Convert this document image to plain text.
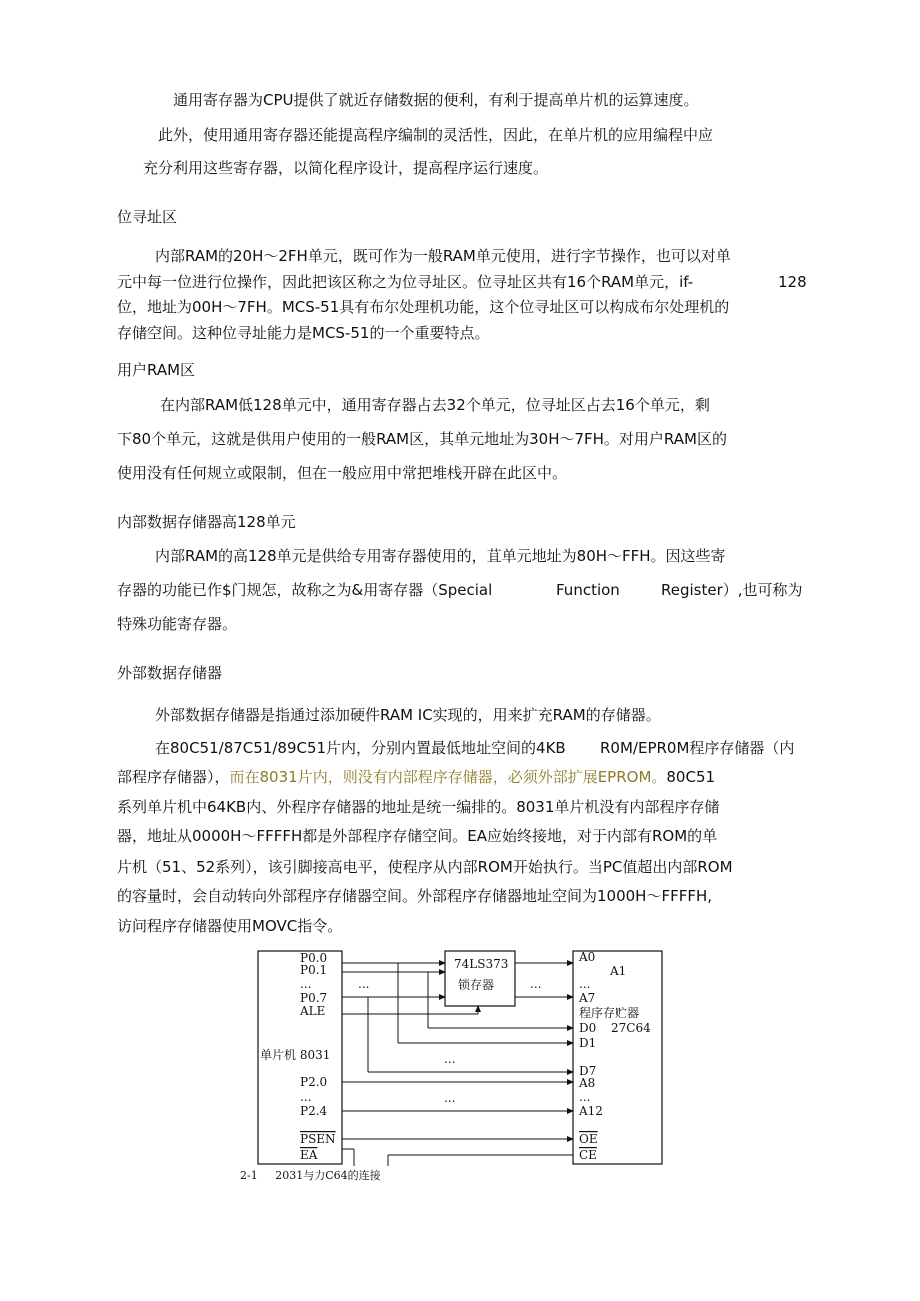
通用寄存器为CPU提供了就近存储数据的便利，有利于提高单片机的运算速度。
此外，使用通用寄存器还能提高程序编制的灵活性，因此，在单片机的应用编程中应
充分利用这些寄存器，以简化程序设计，提高程序运行速度。
位寻址区
内部RAM的20H〜2FH单元，既可作为一般RAM单元使用，进行字节操作，也可以对单
元中每一位进行位操作，因此把该区称之为位寻址区。位寻址区共有16个RAM单元，if-	128
位，地址为00H〜7FH。MCS-51具有布尔处理机功能，这个位寻址区可以构成布尔处理机的
存储空间。这种位寻址能力是MCS-51的一个重要特点。
用户RAM区
在内部RAM低128单元中，通用寄存器占去32个单元，位寻址区占去16个单元，剩
下80个单元，这就是供用户使用的一般RAM区，其单元地址为30H〜7FH。对用户RAM区的
使用没有任何规立或限制，但在一般应用中常把堆栈开辟在此区中。
内部数据存储器高128单元
内部RAM的高128单元是供给专用寄存器使用的，苴单元地址为80H〜FFH。因这些寄
存器的功能已作$门规怎，故称之为&用寄存器（Special	Function	Register）,也可称为
特殊功能寄存器。
外部数据存储器
外部数据存储器是指通过添加硬件RAM IC实现的，用来扩充RAM的存储器。
在80C51/87C51/89C51片内，分别内置最低地址空间的4KB R0M/EPR0M程序存储器（内
部程序存储器），而在8031片内，则没有内部程序存储器，必须外部扩展EPROM。80C51
系列单片机中64KB内、外程序存储器的地址是统一编排的。8031单片机没有内部程序存储
器，地址从0000H〜FFFFH都是外部程序存储空间。EA应始终接地，对于内部有ROM的单
片机（51、52系列），该引脚接高电平，使程序从内部ROM开始执行。当PC值超出内部ROM
的容量时，会自动转向外部程序存储器空间。外部程序存储器地址空间为1000H〜FFFFH,
访问程序存储器使用MOVC指令。
P0.0
P0.1
...
P0.7
ALE
单片机 8031
P2.0
...
P2.4
PSEN
EA
74LS373
锁存器
...	...
...
...
A0
A1
...
A7
程序存贮器
D0 27C64
D1
D7
A8
...
A12
OE
CE
2-1 2031与力C64的连接
